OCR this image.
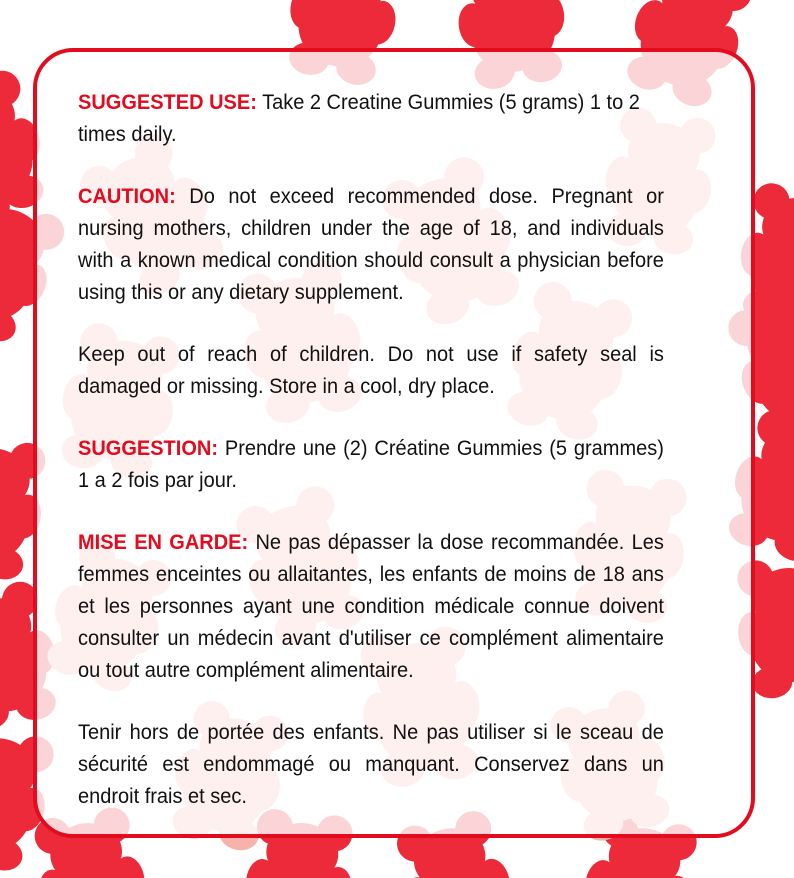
SUGGESTED USE: Take 2 Creatine Gummies (5 grams) 1 to 2 times daily.

CAUTION: Do not exceed recommended dose. Pregnant or nursing mothers, children under the age of 18, and individuals with a known medical condition should consult a physician before using this or any dietary supplement.

Keep out of reach of children. Do not use if safety seal is damaged or missing. Store in a cool, dry place.

SUGGESTION: Prendre une (2) Créatine Gummies (5 grammes) 1 a 2 fois par jour.

MISE EN GARDE: Ne pas dépasser la dose recommandée. Les femmes enceintes ou allaitantes, les enfants de moins de 18 ans et les personnes ayant une condition médicale connue doivent consulter un médecin avant d'utiliser ce complément alimentaire ou tout autre complément alimentaire.

Tenir hors de portée des enfants. Ne pas utiliser si le sceau de sécurité est endommagé ou manquant. Conservez dans un endroit frais et sec.
